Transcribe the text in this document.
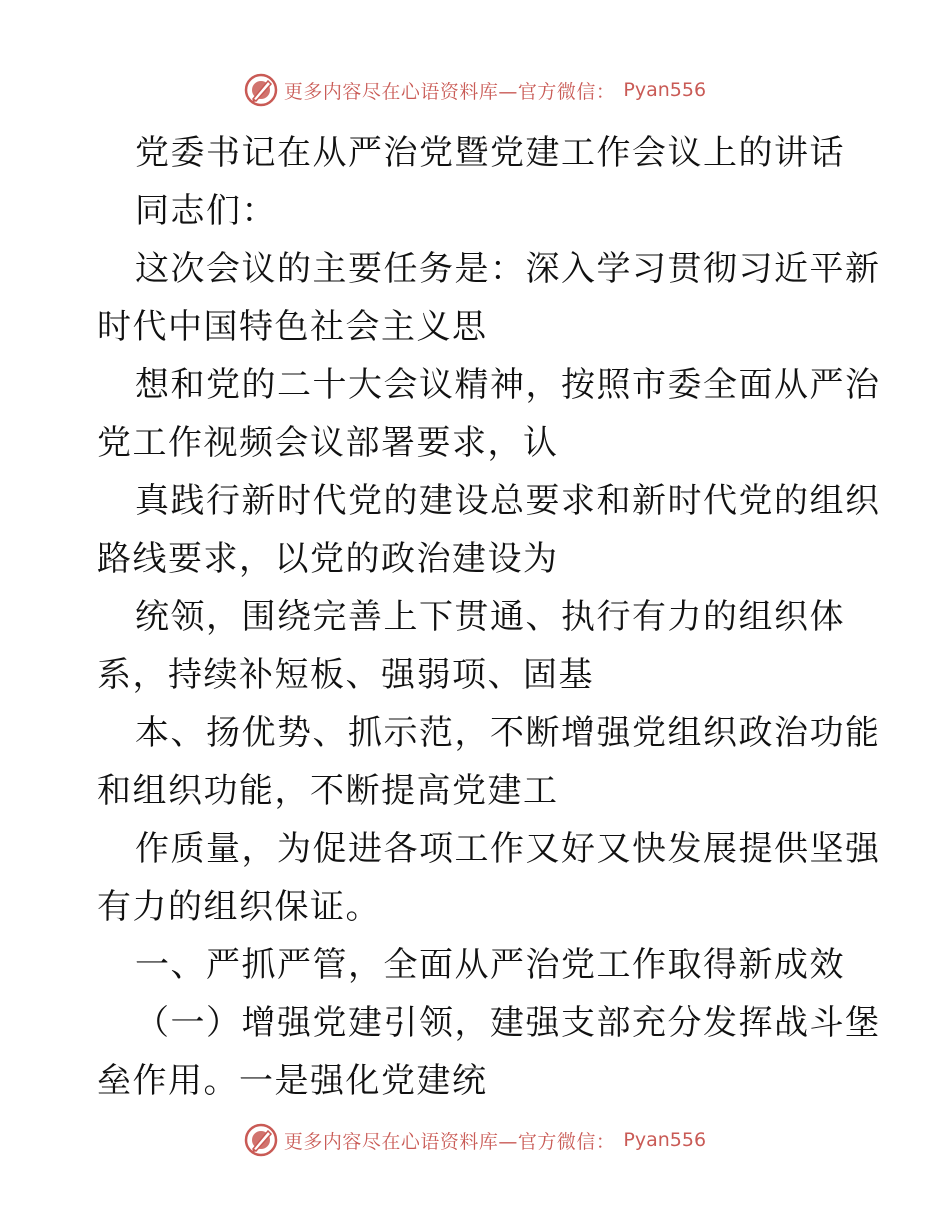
更多内容尽在心语资料库—官方微信： Pyan556
党委书记在从严治党暨党建工作会议上的讲话
同志们：
这次会议的主要任务是：深入学习贯彻习近平新
时代中国特色社会主义思
想和党的二十大会议精神，按照市委全面从严治
党工作视频会议部署要求，认
真践行新时代党的建设总要求和新时代党的组织
路线要求，以党的政治建设为
统领，围绕完善上下贯通、执行有力的组织体
系，持续补短板、强弱项、固基
本、扬优势、抓示范，不断增强党组织政治功能
和组织功能，不断提高党建工
作质量，为促进各项工作又好又快发展提供坚强
有力的组织保证。
一、严抓严管，全面从严治党工作取得新成效
（一）增强党建引领，建强支部充分发挥战斗堡
垒作用。一是强化党建统
更多内容尽在心语资料库—官方微信： Pyan556
